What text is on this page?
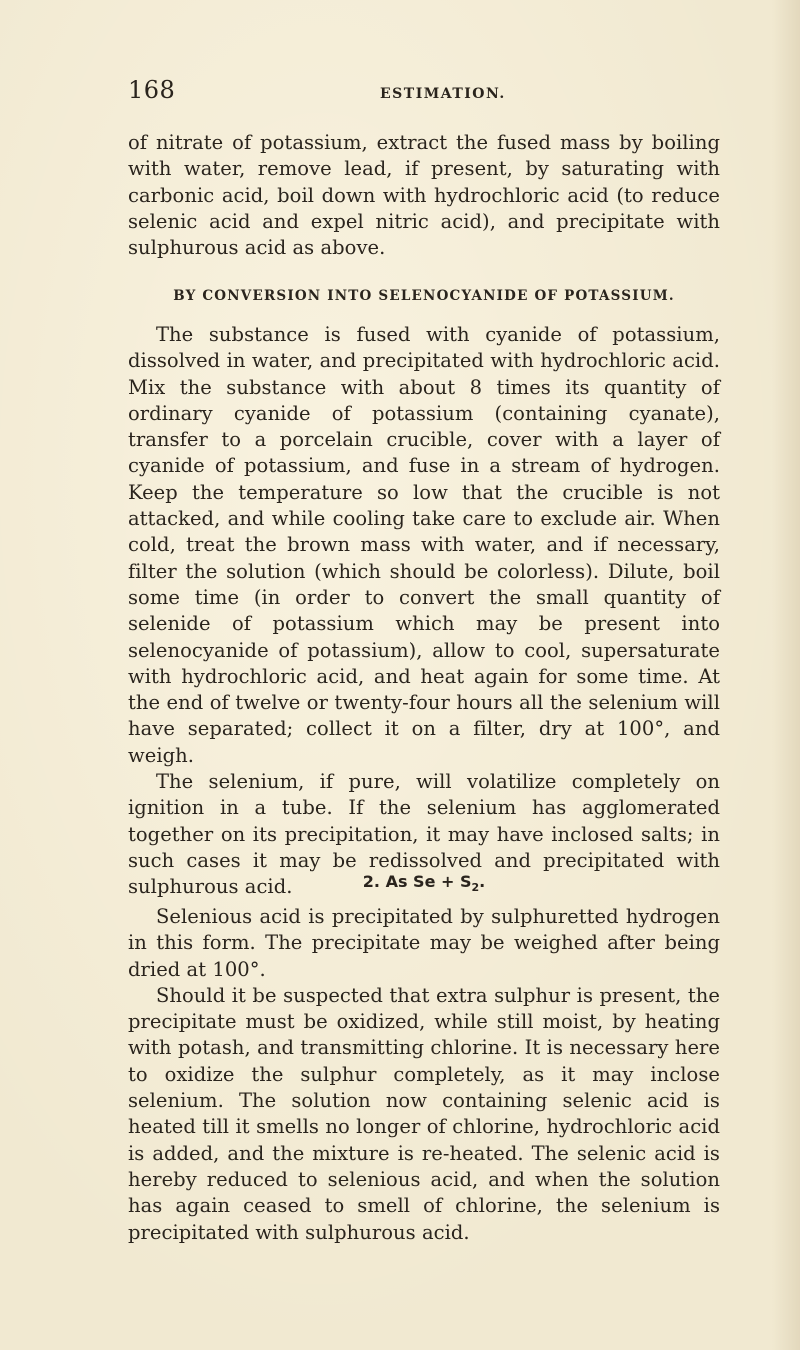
168	ESTIMATION.

of nitrate of potassium, extract the fused mass by boiling with water, remove lead, if present, by saturating with carbonic acid, boil down with hydrochloric acid (to reduce selenic acid and expel nitric acid), and precipitate with sulphurous acid as above.

BY CONVERSION INTO SELENOCYANIDE OF POTASSIUM.
The substance is fused with cyanide of potassium, dissolved in water, and precipitated with hydrochloric acid. Mix the substance with about 8 times its quantity of ordinary cyanide of potassium (containing cyanate), transfer to a porcelain crucible, cover with a layer of cyanide of potassium, and fuse in a stream of hydrogen. Keep the temperature so low that the crucible is not attacked, and while cooling take care to exclude air. When cold, treat the brown mass with water, and if necessary, filter the solution (which should be colorless). Dilute, boil some time (in order to convert the small quantity of selenide of potassium which may be present into selenocyanide of potassium), allow to cool, supersaturate with hydrochloric acid, and heat again for some time. At the end of twelve or twenty-four hours all the selenium will have separated; collect it on a filter, dry at 100°, and weigh.
The selenium, if pure, will volatilize completely on ignition in a tube. If the selenium has agglomerated together on its precipitation, it may have inclosed salts; in such cases it may be redissolved and precipitated with sulphurous acid.	2. As $Se + S_2$.
Selenious acid is precipitated by sulphuretted hydrogen in this form. The precipitate may be weighed after being dried at 100°.
Should it be suspected that extra sulphur is present, the precipitate must be oxidized, while still moist, by heating with potash, and transmitting chlorine. It is necessary here to oxidize the sulphur completely, as it may inclose selenium. The solution now containing selenic acid is heated till it smells no longer of chlorine, hydrochloric acid is added, and the mixture is re-heated. The selenic acid is hereby reduced to selenious acid, and when the solution has again ceased to smell of chlorine, the selenium is precipitated with sulphurous acid.
